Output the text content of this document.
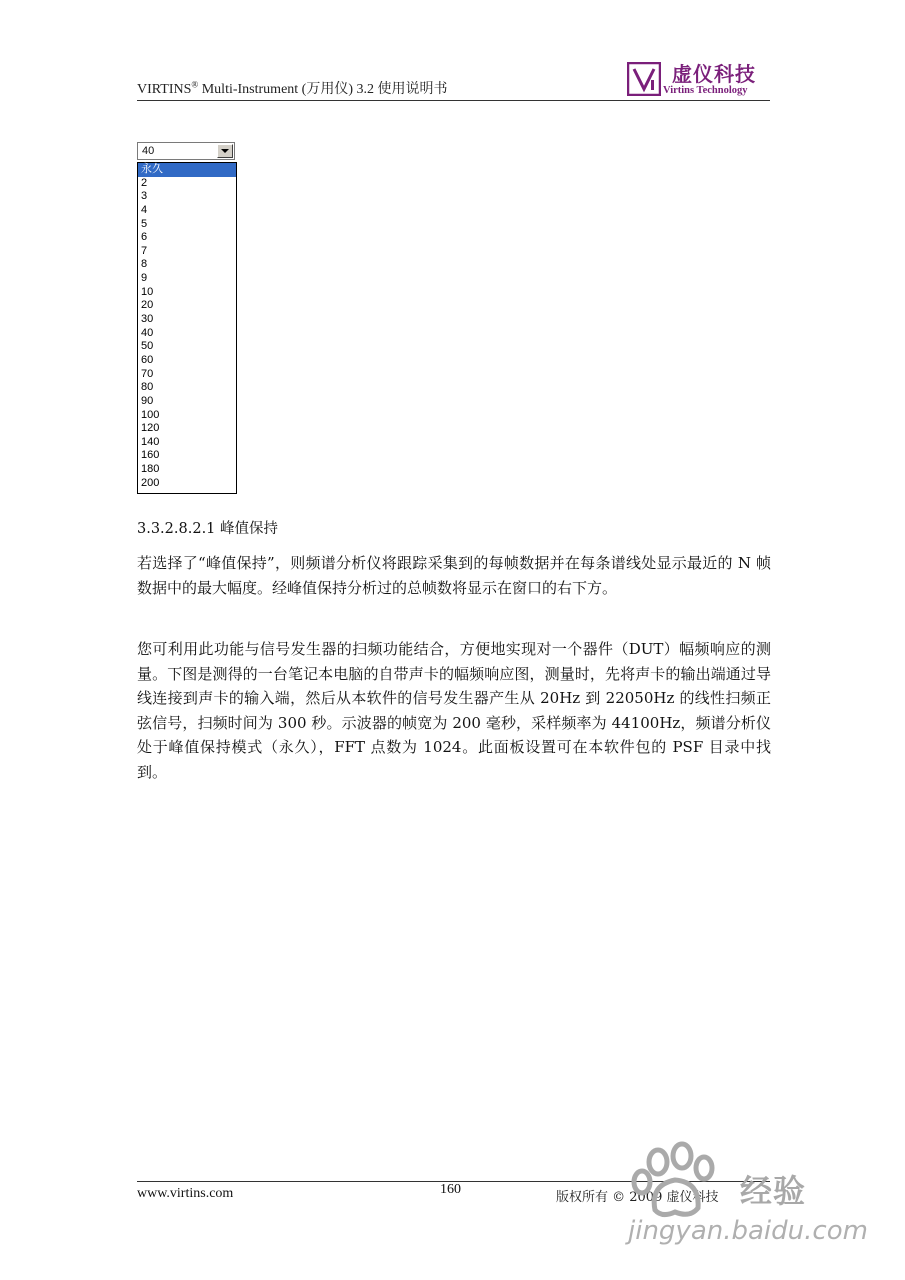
VIRTINS® Multi-Instrument (万用仪) 3.2 使用说明书
虚仪科技
Virtins Technology
40
永久
2
3
4
5
6
7
8
9
10
20
30
40
50
60
70
80
90
100
120
140
160
180
200
3.3.2.8.2.1 峰值保持
若选择了“峰值保持”，则频谱分析仪将跟踪采集到的每帧数据并在每条谱线处显示最近的 N 帧数据中的最大幅度。经峰值保持分析过的总帧数将显示在窗口的右下方。
您可利用此功能与信号发生器的扫频功能结合，方便地实现对一个器件（DUT）幅频响应的测量。下图是测得的一台笔记本电脑的自带声卡的幅频响应图，测量时，先将声卡的输出端通过导线连接到声卡的输入端，然后从本软件的信号发生器产生从 20Hz 到 22050Hz 的线性扫频正弦信号，扫频时间为 300 秒。示波器的帧宽为 200 毫秒，采样频率为 44100Hz，频谱分析仪处于峰值保持模式（永久），FFT 点数为 1024。此面板设置可在本软件包的 PSF 目录中找到。
www.virtins.com	160
版权所有 © 2009 虚仪科技 经验
jingyan.baidu.com
